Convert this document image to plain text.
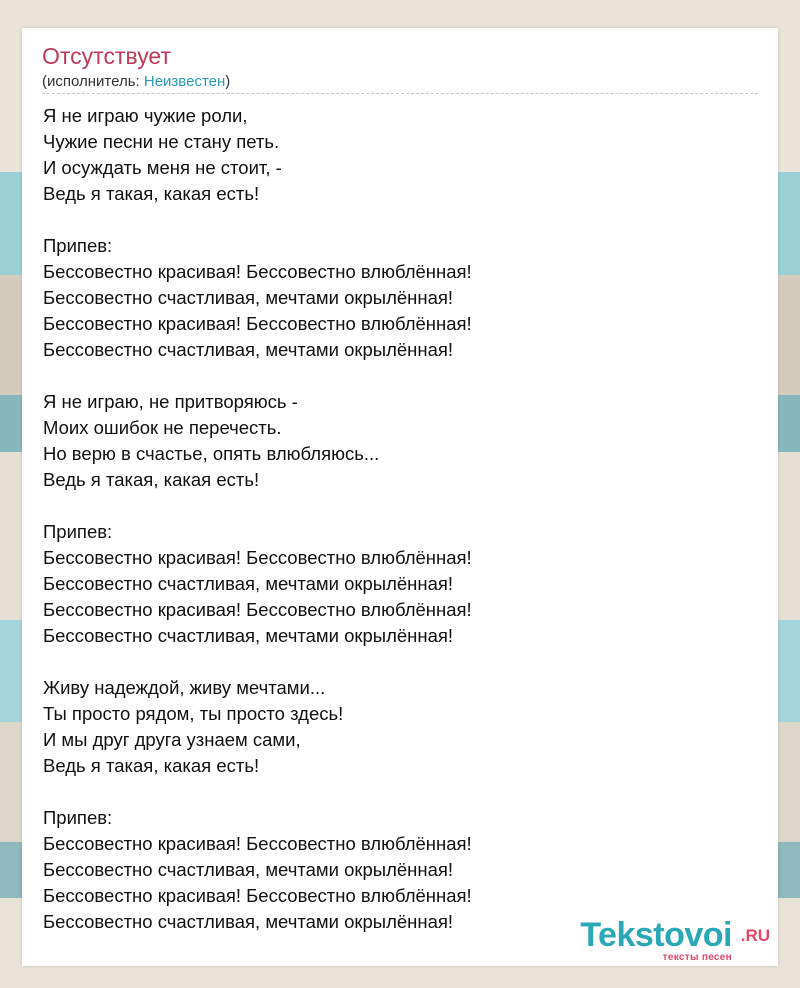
Отсутствует
(исполнитель: Неизвестен)
Я не играю чужие роли,
Чужие песни не стану петь.
И осуждать меня не стоит, -
Ведь я такая, какая есть!
Припев:
Бессовестно красивая! Бессовестно влюблённая!
Бессовестно счастливая, мечтами окрылённая!
Бессовестно красивая! Бессовестно влюблённая!
Бессовестно счастливая, мечтами окрылённая!
Я не играю, не притворяюсь -
Моих ошибок не перечесть.
Но верю в счастье, опять влюбляюсь...
Ведь я такая, какая есть!
Припев:
Бессовестно красивая! Бессовестно влюблённая!
Бессовестно счастливая, мечтами окрылённая!
Бессовестно красивая! Бессовестно влюблённая!
Бессовестно счастливая, мечтами окрылённая!
Живу надеждой, живу мечтами...
Ты просто рядом, ты просто здесь!
И мы друг друга узнаем сами,
Ведь я такая, какая есть!
Припев:
Бессовестно красивая! Бессовестно влюблённая!
Бессовестно счастливая, мечтами окрылённая!
Бессовестно красивая! Бессовестно влюблённая!
Бессовестно счастливая, мечтами окрылённая!	Tekstovoi .RU
тексты песен
